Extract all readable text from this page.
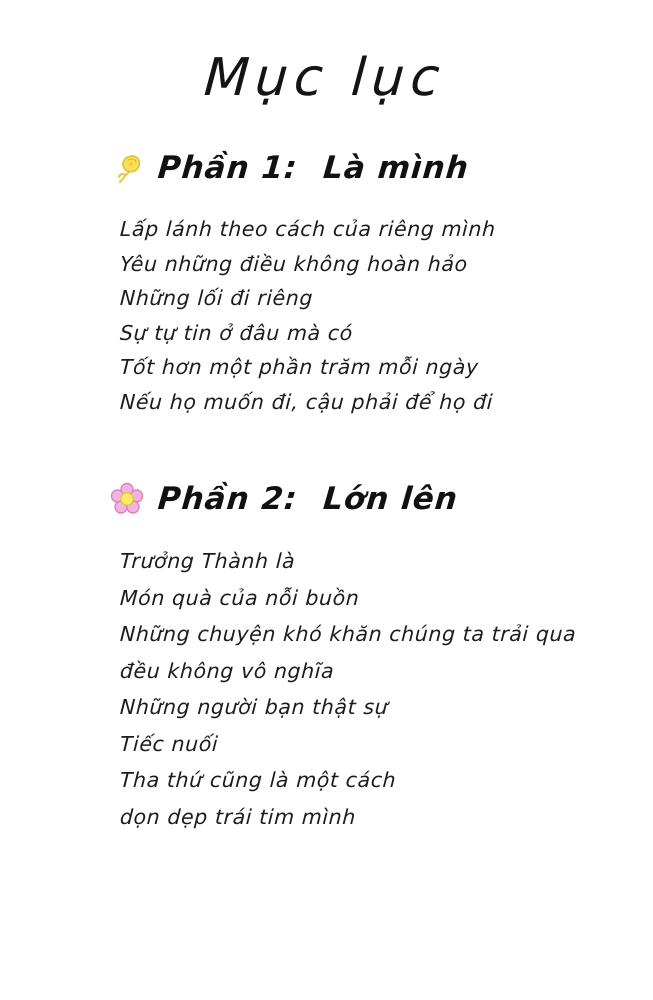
Mục lục
Phần 1: Là mình
Lấp lánh theo cách của riêng mình
Yêu những điều không hoàn hảo
Những lối đi riêng
Sự tự tin ở đâu mà có
Tốt hơn một phần trăm mỗi ngày
Nếu họ muốn đi, cậu phải để họ đi
Phần 2: Lớn lên
Trưởng Thành là
Món quà của nỗi buồn
Những chuyện khó khăn chúng ta trải qua
đều không vô nghĩa
Những người bạn thật sự
Tiếc nuối
Tha thứ cũng là một cách
dọn dẹp trái tim mình
